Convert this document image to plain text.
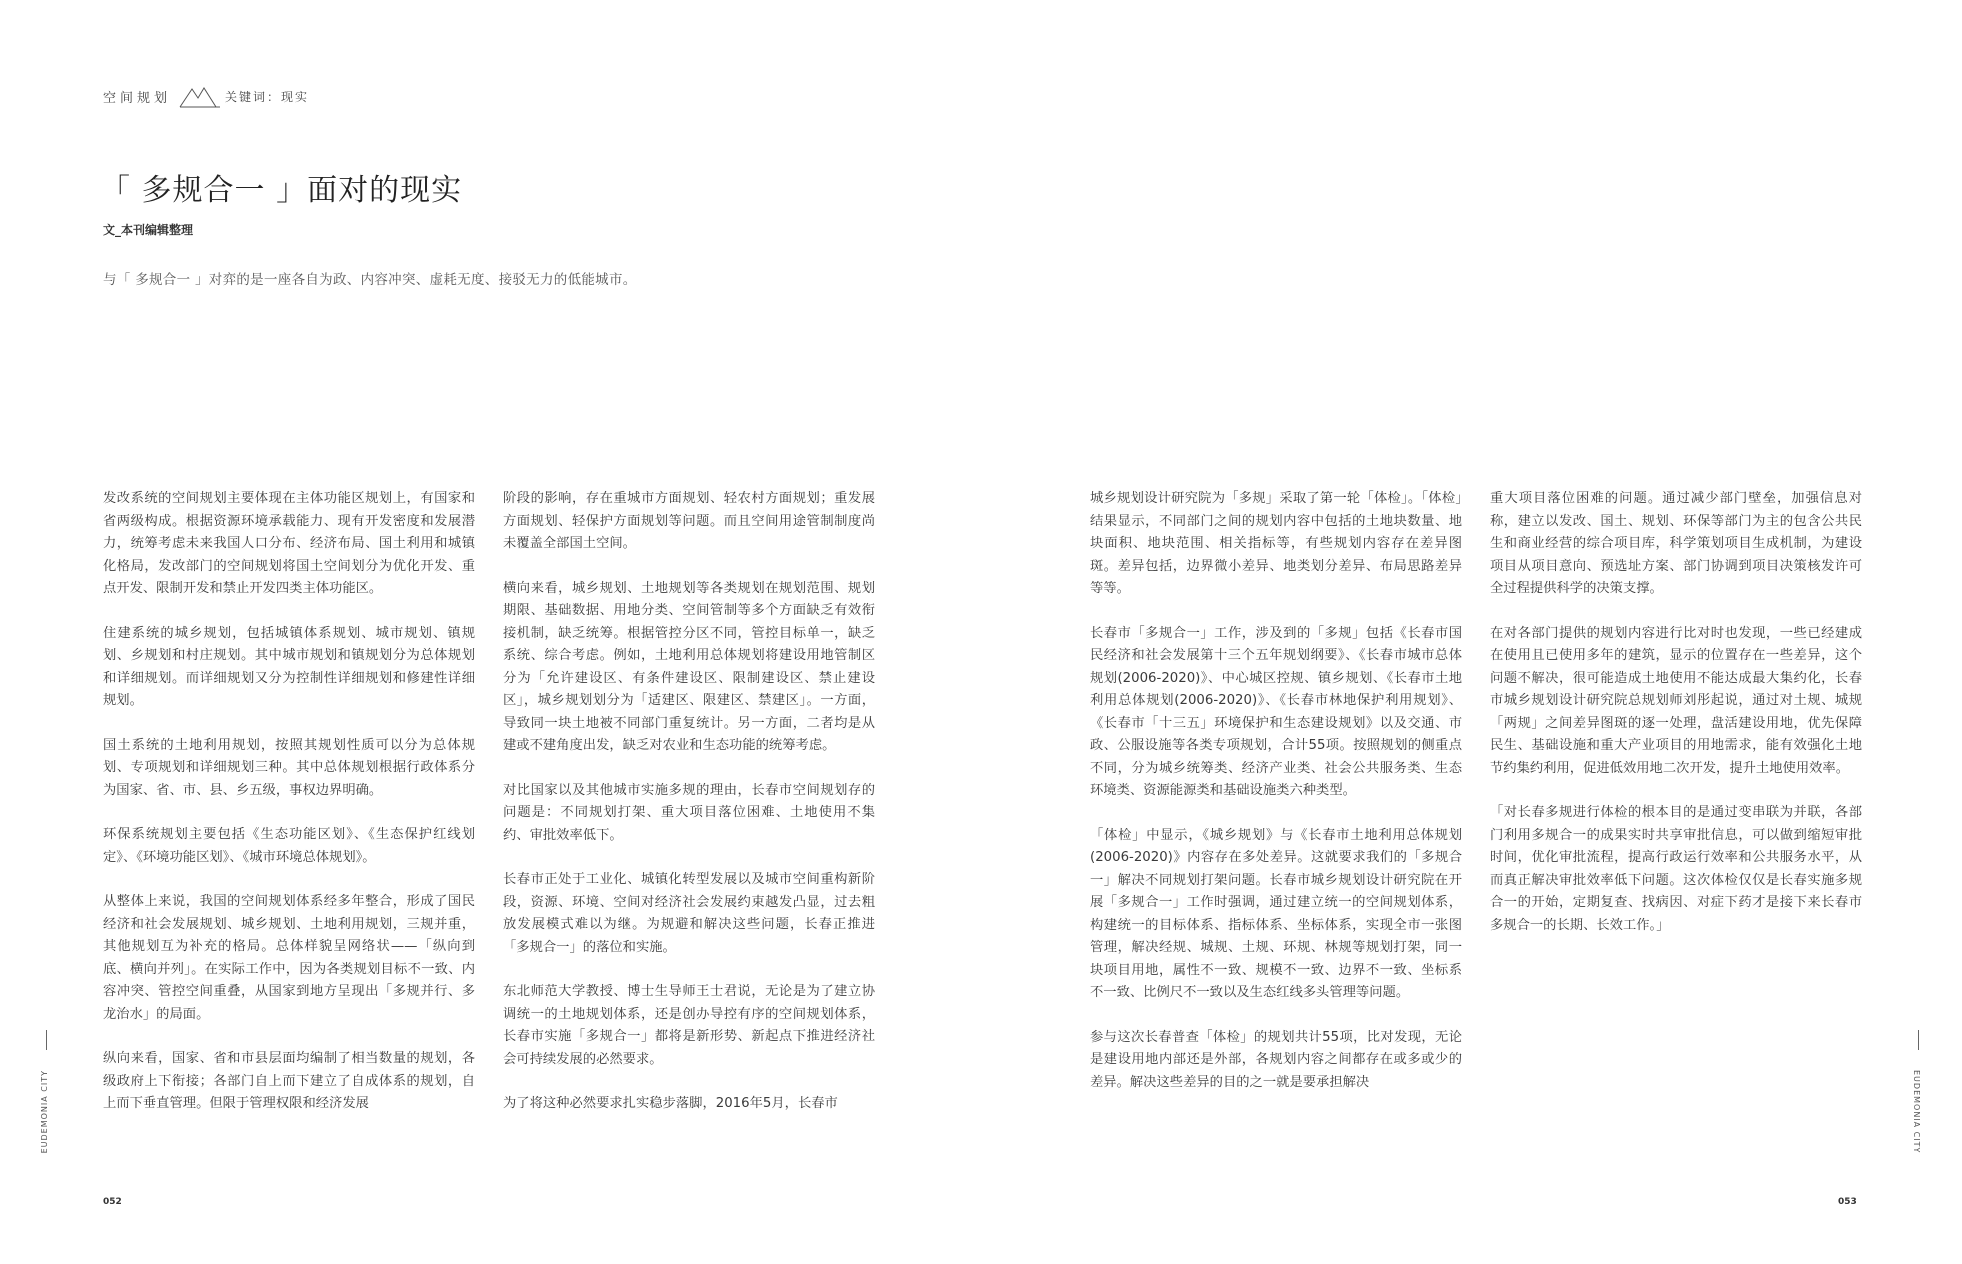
空间规划	关键词：现实
「 多规合一 」面对的现实
文_本刊编辑整理
与「 多规合一 」对弈的是一座各自为政、内容冲突、虚耗无度、接驳无力的低能城市。

发改系统的空间规划主要体现在主体功能区规划上，有国家和省两级构成。根据资源环境承载能力、现有开发密度和发展潜力，统筹考虑未来我国人口分布、经济布局、国土利用和城镇化格局，发改部门的空间规划将国土空间划分为优化开发、重点开发、限制开发和禁止开发四类主体功能区。

住建系统的城乡规划，包括城镇体系规划、城市规划、镇规划、乡规划和村庄规划。其中城市规划和镇规划分为总体规划和详细规划。而详细规划又分为控制性详细规划和修建性详细规划。

国土系统的土地利用规划，按照其规划性质可以分为总体规划、专项规划和详细规划三种。其中总体规划根据行政体系分为国家、省、市、县、乡五级，事权边界明确。

环保系统规划主要包括《生态功能区划》、《生态保护红线划定》、《环境功能区划》、《城市环境总体规划》。

从整体上来说，我国的空间规划体系经多年整合，形成了国民经济和社会发展规划、城乡规划、土地利用规划，三规并重，其他规划互为补充的格局。总体样貌呈网络状——「纵向到底、横向并列」。在实际工作中，因为各类规划目标不一致、内容冲突、管控空间重叠，从国家到地方呈现出「多规并行、多龙治水」的局面。

纵向来看，国家、省和市县层面均编制了相当数量的规划，各级政府上下衔接；各部门自上而下建立了自成体系的规划，自上而下垂直管理。但限于管理权限和经济发展

阶段的影响，存在重城市方面规划、轻农村方面规划；重发展方面规划、轻保护方面规划等问题。而且空间用途管制制度尚未覆盖全部国土空间。

横向来看，城乡规划、土地规划等各类规划在规划范围、规划期限、基础数据、用地分类、空间管制等多个方面缺乏有效衔接机制，缺乏统筹。根据管控分区不同，管控目标单一，缺乏系统、综合考虑。例如，土地利用总体规划将建设用地管制区分为「允许建设区、有条件建设区、限制建设区、禁止建设区」，城乡规划划分为「适建区、限建区、禁建区」。一方面，导致同一块土地被不同部门重复统计。另一方面，二者均是从建或不建角度出发，缺乏对农业和生态功能的统筹考虑。

对比国家以及其他城市实施多规的理由，长春市空间规划存的问题是：不同规划打架、重大项目落位困难、土地使用不集约、审批效率低下。

长春市正处于工业化、城镇化转型发展以及城市空间重构新阶段，资源、环境、空间对经济社会发展约束越发凸显，过去粗放发展模式难以为继。为规避和解决这些问题，长春正推进「多规合一」的落位和实施。

东北师范大学教授、博士生导师王士君说，无论是为了建立协调统一的土地规划体系，还是创办导控有序的空间规划体系，长春市实施「多规合一」都将是新形势、新起点下推进经济社会可持续发展的必然要求。

为了将这种必然要求扎实稳步落脚，2016年5月，长春市

EUDEMONIA CITY
052

城乡规划设计研究院为「多规」采取了第一轮「体检」。「体检」结果显示，不同部门之间的规划内容中包括的土地块数量、地块面积、地块范围、相关指标等，有些规划内容存在差异图斑。差异包括，边界微小差异、地类划分差异、布局思路差异等等。

长春市「多规合一」工作，涉及到的「多规」包括《长春市国民经济和社会发展第十三个五年规划纲要》、《长春市城市总体规划(2006-2020)》、中心城区控规、镇乡规划、《长春市土地利用总体规划(2006-2020)》、《长春市林地保护利用规划》、《长春市「十三五」环境保护和生态建设规划》以及交通、市政、公服设施等各类专项规划，合计55项。按照规划的侧重点不同，分为城乡统筹类、经济产业类、社会公共服务类、生态环境类、资源能源类和基础设施类六种类型。

「体检」中显示，《城乡规划》与《长春市土地利用总体规划(2006-2020)》内容存在多处差异。这就要求我们的「多规合一」解决不同规划打架问题。长春市城乡规划设计研究院在开展「多规合一」工作时强调，通过建立统一的空间规划体系，构建统一的目标体系、指标体系、坐标体系，实现全市一张图管理，解决经规、城规、土规、环规、林规等规划打架，同一块项目用地，属性不一致、规模不一致、边界不一致、坐标系不一致、比例尺不一致以及生态红线多头管理等问题。

参与这次长春普查「体检」的规划共计55项，比对发现，无论是建设用地内部还是外部，各规划内容之间都存在或多或少的差异。解决这些差异的目的之一就是要承担解决

重大项目落位困难的问题。通过减少部门壁垒，加强信息对称，建立以发改、国土、规划、环保等部门为主的包含公共民生和商业经营的综合项目库，科学策划项目生成机制，为建设项目从项目意向、预选址方案、部门协调到项目决策核发许可全过程提供科学的决策支撑。

在对各部门提供的规划内容进行比对时也发现，一些已经建成在使用且已使用多年的建筑，显示的位置存在一些差异，这个问题不解决，很可能造成土地使用不能达成最大集约化，长春市城乡规划设计研究院总规划师刘彤起说，通过对土规、城规「两规」之间差异图斑的逐一处理，盘活建设用地，优先保障民生、基础设施和重大产业项目的用地需求，能有效强化土地节约集约利用，促进低效用地二次开发，提升土地使用效率。

「对长春多规进行体检的根本目的是通过变串联为并联，各部门利用多规合一的成果实时共享审批信息，可以做到缩短审批时间，优化审批流程，提高行政运行效率和公共服务水平，从而真正解决审批效率低下问题。这次体检仅仅是长春实施多规合一的开始，定期复查、找病因、对症下药才是接下来长春市多规合一的长期、长效工作。」

EUDEMONIA CITY
053
